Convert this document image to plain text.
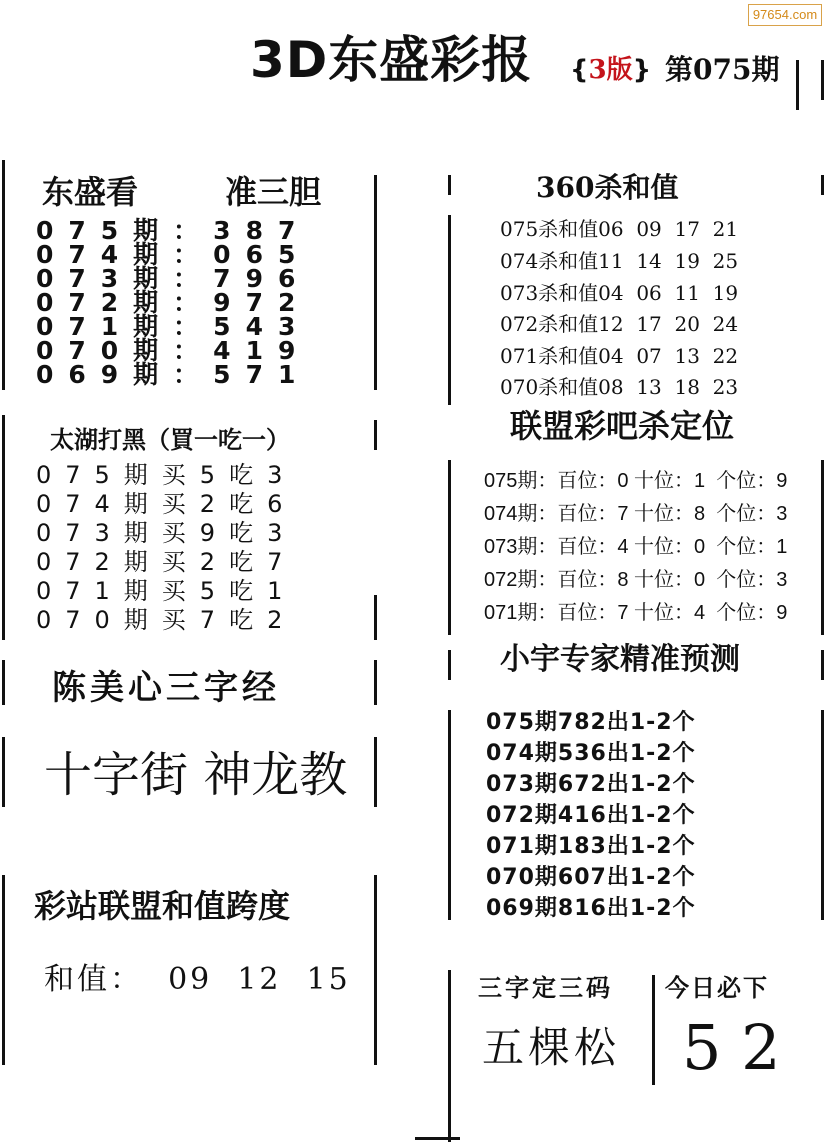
97654.com
3D东盛彩报 {3版} 第075期
东盛看	准三胆
075期：387
074期：065
073期：796
072期：972
071期：543
070期：419
069期：571
太湖打黑（買一吃一）
075期买5吃3
074期买2吃6
073期买9吃3
072期买2吃7
071期买5吃1
070期买7吃2
陈美心三字经
十字街 神龙教
彩站联盟和值跨度
和值：  09  12  15
360杀和值
075杀和值06  09  17  21
074杀和值11  14  19  25
073杀和值04  06  11  19
072杀和值12  17  20  24
071杀和值04  07  13  22
070杀和值08  13  18  23
联盟彩吧杀定位
075期：百位：0 十位：1  个位：9
074期：百位：7 十位：8  个位：3
073期：百位：4 十位：0  个位：1
072期：百位：8 十位：0  个位：3
071期：百位：7 十位：4  个位：9
小宇专家精准预测
075期782出1-2个
074期536出1-2个
073期672出1-2个
072期416出1-2个
071期183出1-2个
070期607出1-2个
069期816出1-2个
三字定三码
五棵松
今日必下
5 2
